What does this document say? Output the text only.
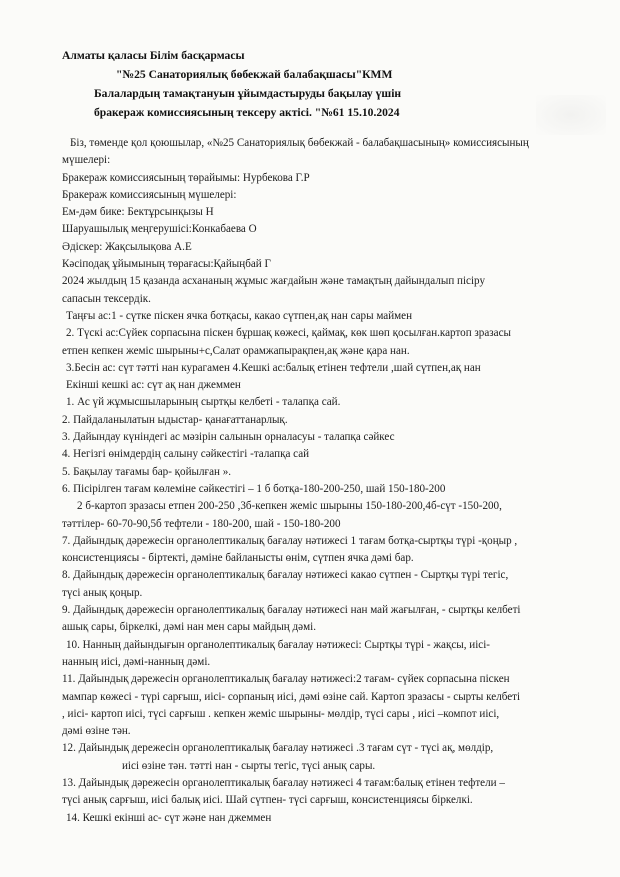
Алматы қаласы Білім басқармасы
"№25 Санаториялық бөбекжай балабақшасы"КММ
Балалардың тамақтануын ұйымдастыруды бақылау үшін
бракераж комиссиясының тексеру актісі. "№61 15.10.2024
Біз, төменде қол қоюшылар, «№25 Санаториялық бөбекжай - балабақшасының» комиссиясының
мүшелері:
Бракераж комиссиясының төрайымы: Нурбекова Г.Р
Бракераж комиссиясының мүшелері:
Ем-дәм бике: Бектұрсынқызы Н
Шаруашылық меңгерушісі:Конкабаева О
Әдіскер: Жақсылықова А.Е
Кәсіподақ ұйымының төрағасы:Қайыңбай Г
2024 жылдың 15 қазанда асхананың жұмыс жағдайын және тамақтың дайындалып пісіру
сапасын тексердік.
Таңғы ас:1 - сүтке піскен ячка ботқасы, какао сүтпен,ақ нан сары маймен
2. Түскі ас:Сүйек сорпасына піскен бұршақ көжесі, қаймақ, көк шөп қосылған.картоп зразасы
етпен кепкен жеміс шырыны+с,Салат орамжапырақпен,ақ және қара нан.
3.Бесін ас: сүт тәтті нан курагамен 4.Кешкі ас:балық етінен тефтели ,шай сүтпен,ақ нан
Екінші кешкі ас: сүт ақ нан джеммен
1. Ас үй жұмысшыларының сыртқы келбеті - талапқа сай.
2. Пайдаланылатын ыдыстар- қанағаттанарлық.
3. Дайындау күніндегі ас мәзірін салынын орналасуы - талапқа сәйкес
4. Негізгі өнімдердің салыну сәйкестігі -талапқа сай
5. Бақылау тағамы бар- қойылған ».
6. Пісірілген тағам көлеміне сәйкестігі – 1 б ботқа-180-200-250, шай 150-180-200
2 б-картоп зразасы етпен 200-250 ,3б-кепкен жеміс шырыны 150-180-200,4б-сүт -150-200,
тәттілер- 60-70-90,5б тефтели - 180-200, шай - 150-180-200
7. Дайындық дәрежесін органолептикалық бағалау нәтижесі 1 тағам ботқа-сыртқы түрі -қоңыр ,
консистенциясы - біртекті, дәміне байланысты өнім, сүтпен ячка дәмі бар.
8. Дайындық дәрежесін органолептикалық бағалау нәтижесі какао сүтпен - Сыртқы түрі тегіс,
түсі анық қоңыр.
9. Дайындық дәрежесін органолептикалық бағалау нәтижесі нан май жағылған, - сыртқы келбеті
ашық сары, біркелкі, дәмі нан мен сары майдың дәмі.
10. Нанның дайындығын органолептикалық бағалау нәтижесі: Сыртқы түрі - жақсы, иісі-
нанның иісі, дәмі-нанның дәмі.
11. Дайындық дәрежесін органолептикалық бағалау нәтижесі:2 тағам- сүйек сорпасына піскен
мампар көжесі - түрі сарғыш, иісі- сорпаның иісі, дәмі өзіне сай. Картоп зразасы - сырты келбеті
, иісі- картоп иісі, түсі сарғыш . кепкен жеміс шырыны- мөлдір, түсі сары , иісі –компот иісі,
дәмі өзіне тән.
12. Дайындық дережесін органолептикалық бағалау нәтижесі .3 тағам сүт - түсі ақ, мөлдір,
иісі өзіне тән. тәтті нан - сырты тегіс, түсі анық сары.
13. Дайындық дәрежесін органолептикалық бағалау нәтижесі 4 тағам:балық етінен тефтели –
түсі анық сарғыш, иісі балық иісі. Шай сүтпен- түсі сарғыш, консистенциясы біркелкі.
14. Кешкі екінші ас- сүт және нан джеммен
